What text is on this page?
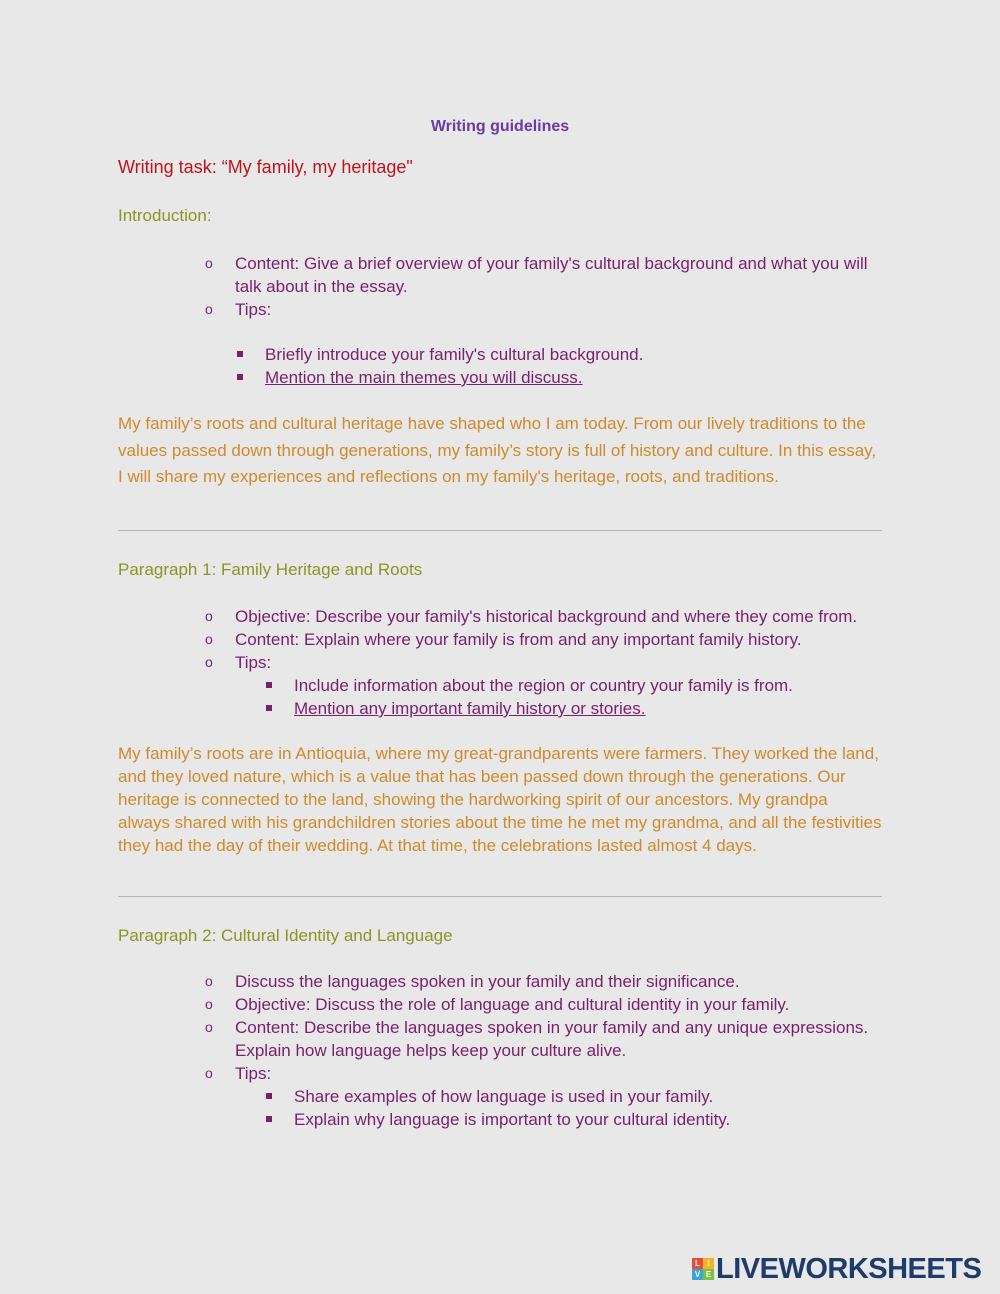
Writing guidelines
Writing task: “My family, my heritage"
Introduction:
o Content: Give a brief overview of your family's cultural background and what you will talk about in the essay.
o Tips:
Briefly introduce your family's cultural background.
Mention the main themes you will discuss.

My family’s roots and cultural heritage have shaped who I am today. From our lively traditions to the values passed down through generations, my family’s story is full of history and culture. In this essay, I will share my experiences and reflections on my family's heritage, roots, and traditions.

Paragraph 1: Family Heritage and Roots
o Objective: Describe your family's historical background and where they come from.
o Content: Explain where your family is from and any important family history.
o Tips:
Include information about the region or country your family is from.
Mention any important family history or stories.

My family’s roots are in Antioquia, where my great-grandparents were farmers. They worked the land, and they loved nature, which is a value that has been passed down through the generations. Our heritage is connected to the land, showing the hardworking spirit of our ancestors. My grandpa always shared with his grandchildren stories about the time he met my grandma, and all the festivities they had the day of their wedding. At that time, the celebrations lasted almost 4 days.

Paragraph 2: Cultural Identity and Language
o Discuss the languages spoken in your family and their significance.
o Objective: Discuss the role of language and cultural identity in your family.
o Content: Describe the languages spoken in your family and any unique expressions. Explain how language helps keep your culture alive.
o Tips:
Share examples of how language is used in your family.
Explain why language is important to your cultural identity.
L I
V E LIVEWORKSHEETS
